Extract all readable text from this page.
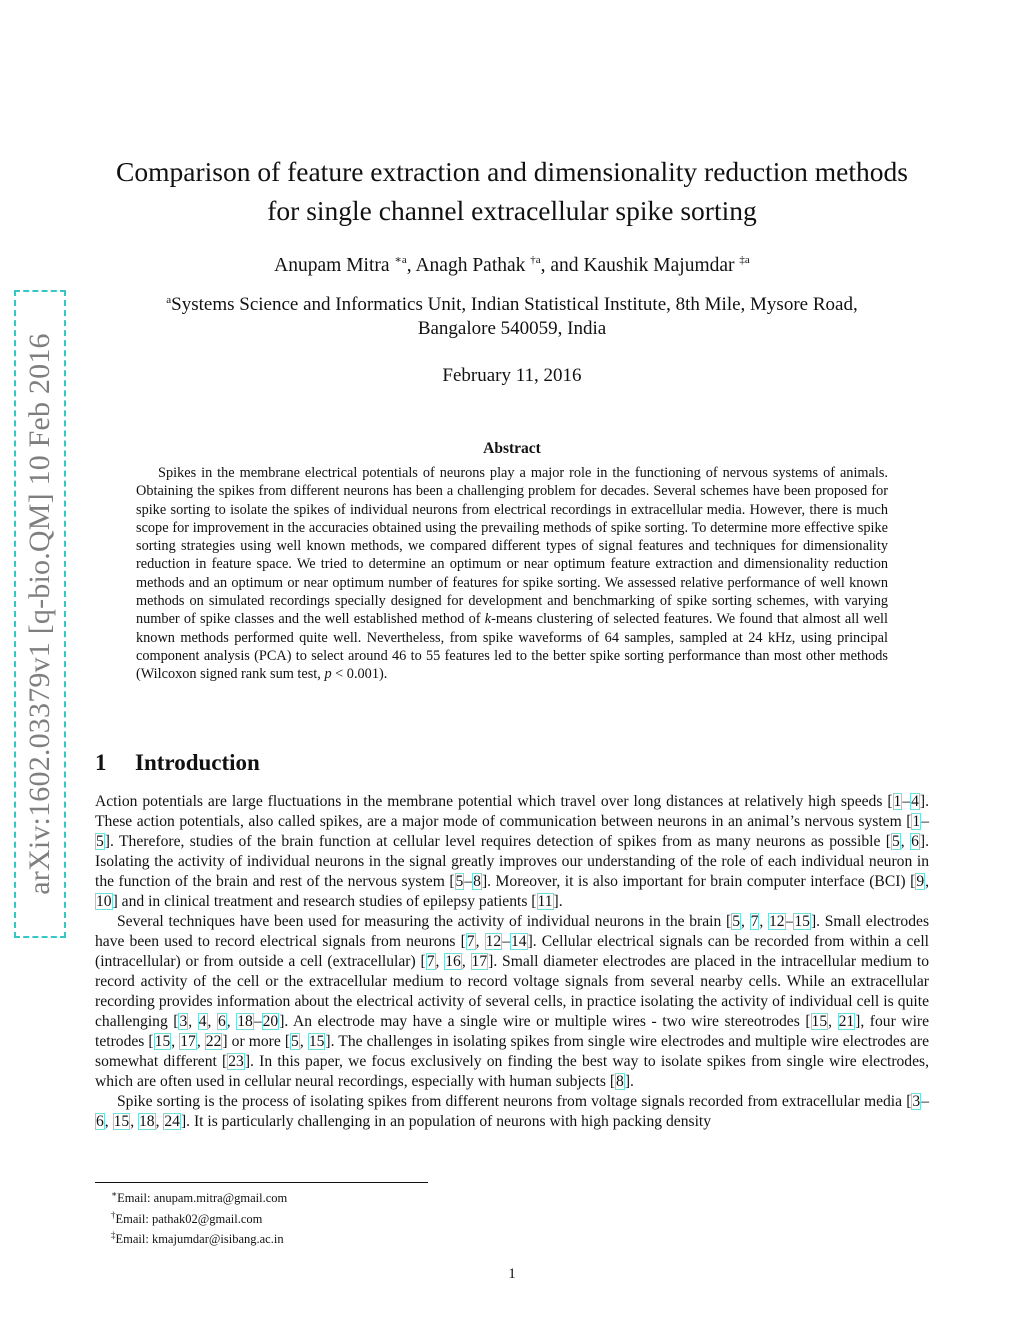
arXiv:1602.03379v1 [q-bio.QM] 10 Feb 2016
Comparison of feature extraction and dimensionality reduction methods
for single channel extracellular spike sorting
Anupam Mitra $^{∗a}$, Anagh Pathak $^{\dagger a}$, and Kaushik Majumdar $^{\ddagger a}$
$^a$Systems Science and Informatics Unit, Indian Statistical Institute, 8th Mile, Mysore Road,
Bangalore 540059, India
February 11, 2016
Abstract

Spikes in the membrane electrical potentials of neurons play a major role in the functioning of nervous systems of animals. Obtaining the spikes from different neurons has been a challenging problem for decades. Several schemes have been proposed for spike sorting to isolate the spikes of individual neurons from electrical recordings in extracellular media. However, there is much scope for improvement in the accuracies obtained using the prevailing methods of spike sorting. To determine more effective spike sorting strategies using well known methods, we compared different types of signal features and techniques for dimensionality reduction in feature space. We tried to determine an optimum or near optimum feature extraction and dimensionality reduction methods and an optimum or near optimum number of features for spike sorting. We assessed relative performance of well known methods on simulated recordings specially designed for development and benchmarking of spike sorting schemes, with varying number of spike classes and the well established method of k-means clustering of selected features. We found that almost all well known methods performed quite well. Nevertheless, from spike waveforms of 64 samples, sampled at 24 kHz, using principal component analysis (PCA) to select around 46 to 55 features led to the better spike sorting performance than most other methods (Wilcoxon signed rank sum test, p < 0.001).

1 Introduction

Action potentials are large fluctuations in the membrane potential which travel over long distances at relatively high speeds [1–4]. These action potentials, also called spikes, are a major mode of communication between neurons in an animal’s nervous system [1–5]. Therefore, studies of the brain function at cellular level requires detection of spikes from as many neurons as possible [5, 6]. Isolating the activity of individual neurons in the signal greatly improves our understanding of the role of each individual neuron in the function of the brain and rest of the nervous system [5–8]. Moreover, it is also important for brain computer interface (BCI) [9, 10] and in clinical treatment and research studies of epilepsy patients [11].

Several techniques have been used for measuring the activity of individual neurons in the brain [5, 7, 12–15]. Small electrodes have been used to record electrical signals from neurons [7, 12–14]. Cellular electrical signals can be recorded from within a cell (intracellular) or from outside a cell (extracellular) [7, 16, 17]. Small diameter electrodes are placed in the intracellular medium to record activity of the cell or the extracellular medium to record voltage signals from several nearby cells. While an extracellular recording provides information about the electrical activity of several cells, in practice isolating the activity of individual cell is quite challenging [3, 4, 6, 18–20]. An electrode may have a single wire or multiple wires - two wire stereotrodes [15, 21], four wire tetrodes [15, 17, 22] or more [5, 15]. The challenges in isolating spikes from single wire electrodes and multiple wire electrodes are somewhat different [23]. In this paper, we focus exclusively on finding the best way to isolate spikes from single wire electrodes, which are often used in cellular neural recordings, especially with human subjects [8].

Spike sorting is the process of isolating spikes from different neurons from voltage signals recorded from extracellular media [3–6, 15, 18, 24]. It is particularly challenging in an population of neurons with high packing density

∗Email: anupam.mitra@gmail.com
†Email: pathak02@gmail.com
‡Email: kmajumdar@isibang.ac.in
1
